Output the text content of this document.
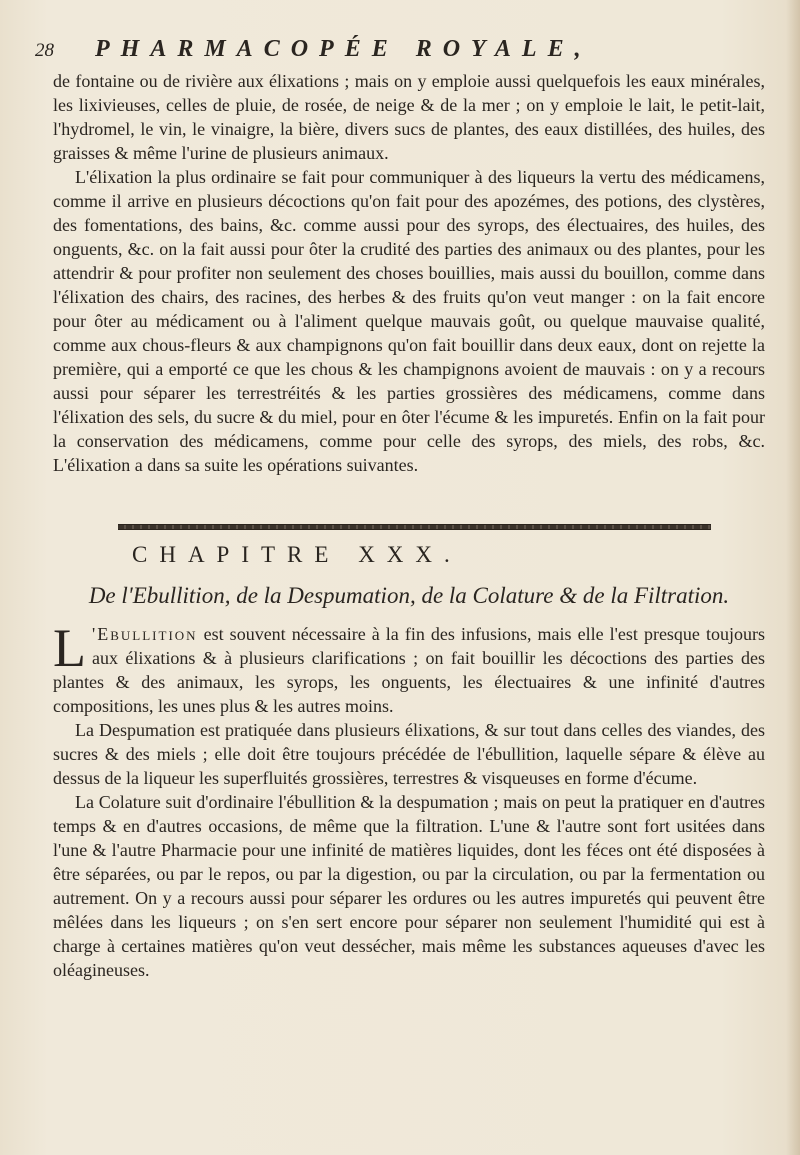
28 PHARMACOPÉE ROYALE,

de fontaine ou de rivière aux élixations ; mais on y emploie aussi quelquefois les eaux minérales, les lixivieuses, celles de pluie, de rosée, de neige & de la mer ; on y emploie le lait, le petit-lait, l'hydromel, le vin, le vinaigre, la bière, divers sucs de plantes, des eaux distillées, des huiles, des graisses & même l'urine de plusieurs animaux.

L'élixation la plus ordinaire se fait pour communiquer à des liqueurs la vertu des médicamens, comme il arrive en plusieurs décoctions qu'on fait pour des apozémes, des potions, des clystères, des fomentations, des bains, &c. comme aussi pour des syrops, des électuaires, des huiles, des onguents, &c. on la fait aussi pour ôter la crudité des parties des animaux ou des plantes, pour les attendrir & pour profiter non seulement des choses bouillies, mais aussi du bouillon, comme dans l'élixation des chairs, des racines, des herbes & des fruits qu'on veut manger : on la fait encore pour ôter au médicament ou à l'aliment quelque mauvais goût, ou quelque mauvaise qualité, comme aux chous-fleurs & aux champignons qu'on fait bouillir dans deux eaux, dont on rejette la première, qui a emporté ce que les chous & les champignons avoient de mauvais : on y a recours aussi pour séparer les terrestréités & les parties grossières des médicamens, comme dans l'élixation des sels, du sucre & du miel, pour en ôter l'écume & les impuretés. Enfin on la fait pour la conservation des médicamens, comme pour celle des syrops, des miels, des robs, &c. L'élixation a dans sa suite les opérations suivantes.

CHAPITRE XXX.
De l'Ebullition, de la Despumation, de la Colature & de la Filtration.

L 'Ebullition est souvent nécessaire à la fin des infusions, mais elle l'est presque toujours aux élixations & à plusieurs clarifications ; on fait bouillir les décoctions des parties des plantes & des animaux, les syrops, les onguents, les électuaires & une infinité d'autres compositions, les unes plus & les autres moins.

La Despumation est pratiquée dans plusieurs élixations, & sur tout dans celles des viandes, des sucres & des miels ; elle doit être toujours précédée de l'ébullition, laquelle sépare & élève au dessus de la liqueur les superfluités grossières, terrestres & visqueuses en forme d'écume.

La Colature suit d'ordinaire l'ébullition & la despumation ; mais on peut la pratiquer en d'autres temps & en d'autres occasions, de même que la filtration. L'une & l'autre sont fort usitées dans l'une & l'autre Pharmacie pour une infinité de matières liquides, dont les féces ont été disposées à être séparées, ou par le repos, ou par la digestion, ou par la circulation, ou par la fermentation ou autrement. On y a recours aussi pour séparer les ordures ou les autres impuretés qui peuvent être mêlées dans les liqueurs ; on s'en sert encore pour séparer non seulement l'humidité qui est à charge à certaines matières qu'on veut dessécher, mais même les substances aqueuses d'avec les oléagineuses.
